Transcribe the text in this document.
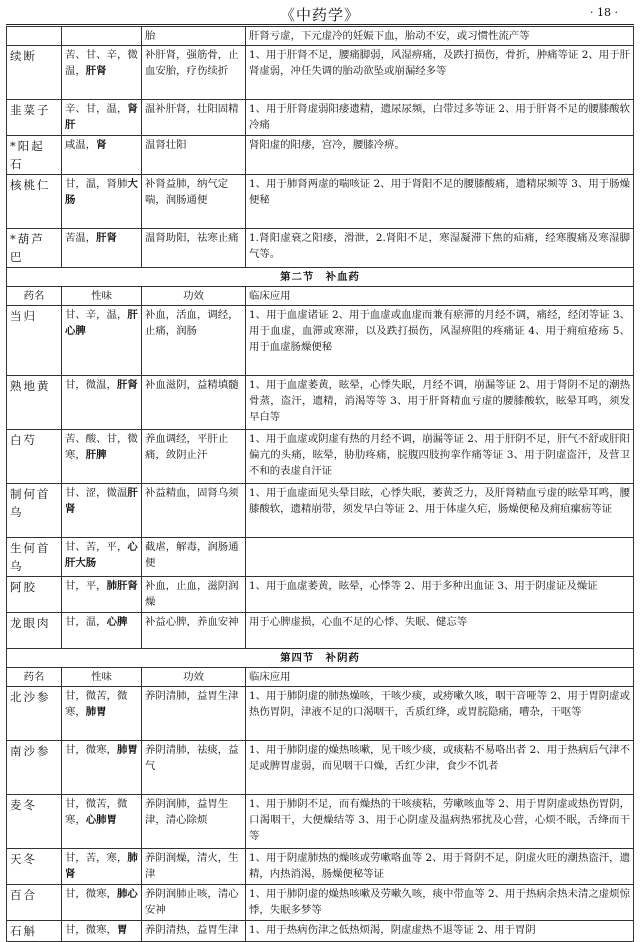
《中药学》	· 18 ·
		胎	肝肾亏虚，下元虚冷的妊娠下血，胎动不安，或习惯性流产等
续断	苦、甘、辛，微温，肝肾	补肝肾，强筋骨，止血安胎，疗伤续折	1、用于肝肾不足，腰痛脚弱，风湿痹痛，及跌打损伤，骨折，肿痛等证 2、用于肝肾虚弱，冲任失调的胎动欲坠或崩漏经多等
韭菜子	辛、甘，温，肾肝	温补肝肾，壮阳固精	1、用于肝肾虚弱阳痿遗精，遗尿尿频，白带过多等证 2、用于肝肾不足的腰膝酸软冷痛
*阳起石	咸温，肾	温肾壮阳	肾阳虚的阳痿，宫冷，腰膝冷痹。
核桃仁	甘，温，肾肺大肠	补肾益肺，纳气定喘，润肠通便	1、用于肺肾两虚的喘咳证 2、用于肾阳不足的腰膝酸痛，遗精尿频等 3、用于肠燥便秘
*葫芦巴	苦温，肝肾	温肾助阳，祛寒止痛	1.肾阳虚衰之阳痿，滑泄，2.肾阳不足，寒湿凝滞下焦的疝痛，经寒腹痛及寒湿脚气等。
第二节　补血药			
药名	性味	功效	临床应用
当归	甘、辛，温，肝心脾	补血，活血，调经，止痛，润肠	1、用于血虚诸证 2、用于血虚或血虚而兼有瘀滞的月经不调，痛经，经闭等证 3、用于血虚，血滞或寒滞，以及跌打损伤，风湿痹阻的疼痛证 4、用于痈疽疮疡 5、用于血虚肠燥便秘
熟地黄	甘，微温，肝肾	补血滋阴，益精填髓	1、用于血虚萎黄，眩晕，心悸失眠，月经不调，崩漏等证 2、用于肾阴不足的潮热骨蒸，盗汗，遗精，消渴等等 3、用于肝肾精血亏虚的腰膝酸软，眩晕耳鸣，须发早白等
白芍	苦、酸、甘，微寒，肝脾	养血调经，平肝止痛，敛阴止汗	1、用于血虚或阴虚有热的月经不调，崩漏等证 2、用于肝阴不足，肝气不舒或肝阳偏亢的头痛，眩晕，胁肋疼痛，脘腹四肢拘挛作痛等证 3、用于阴虚盗汗，及营卫不和的表虚自汗证
制何首乌	甘、涩，微温肝肾	补益精血，固肾乌须	1、用于血虚面见头晕目眩，心悸失眠，萎黄乏力，及肝肾精血亏虚的眩晕耳鸣，腰膝酸软，遗精崩带，须发早白等证 2、用于体虚久疟，肠燥便秘及痈疽瘰疬等证
生何首乌	甘、苦，平，心肝大肠	截虐，解毒，润肠通便	
阿胶	甘，平，肺肝肾	补血，止血，滋阴润燥	1、用于血虚萎黄，眩晕，心悸等 2、用于多种出血证 3、用于阴虚证及燥证
龙眼肉	甘，温，心脾	补益心脾，养血安神	用于心脾虚损，心血不足的心悸、失眠、健忘等
第四节　补阴药			
药名	性味	功效	临床应用
北沙参	甘，微苦，微寒，肺胃	养阴清肺，益胃生津	1、用于肺阴虚的肺热燥咳，干咳少痰，或痨嗽久咳，咽干音哑等 2、用于胃阴虚或热伤胃阴，津液不足的口渴咽干，舌质红绛，或胃脘隐痛，嘈杂，干呕等
南沙参	甘，微寒，肺胃	养阴清肺，祛痰，益气	1、用于肺阴虚的燥热咳嗽，见干咳少痰，或痰粘不易咯出者 2、用于热病后气津不足或脾胃虚弱，而见咽干口燥，舌红少津，食少不饥者
麦冬	甘，微苦，微寒，心肺胃	养阴润肺，益胃生津，清心除烦	1、用于肺阴不足，而有燥热的干咳痰粘，劳嗽咳血等 2、用于胃阴虚或热伤胃阴，口渴咽干，大便燥结等 3、用于心阴虚及温病热邪扰及心营，心烦不眠，舌绛而干等
天冬	甘，苦，寒，肺肾	养阴润燥，清火，生津	1、用于阴虚肺热的燥咳或劳嗽咯血等 2、用于肾阴不足，阴虚火旺的潮热盗汗，遗精，内热消渴，肠燥便秘等证
百合	甘，微寒，肺心	养阴润肺止咳，清心安神	1、用于肺阴虚的燥热咳嗽及劳嗽久咳，痰中带血等 2、用于热病余热未清之虚烦惊悸，失眠多梦等
石斛	甘，微寒，胃	养阴清热，益胃生津	1、用于热病伤津之低热烦渴，阴虚虚热不退等证 2、用于胃阴
